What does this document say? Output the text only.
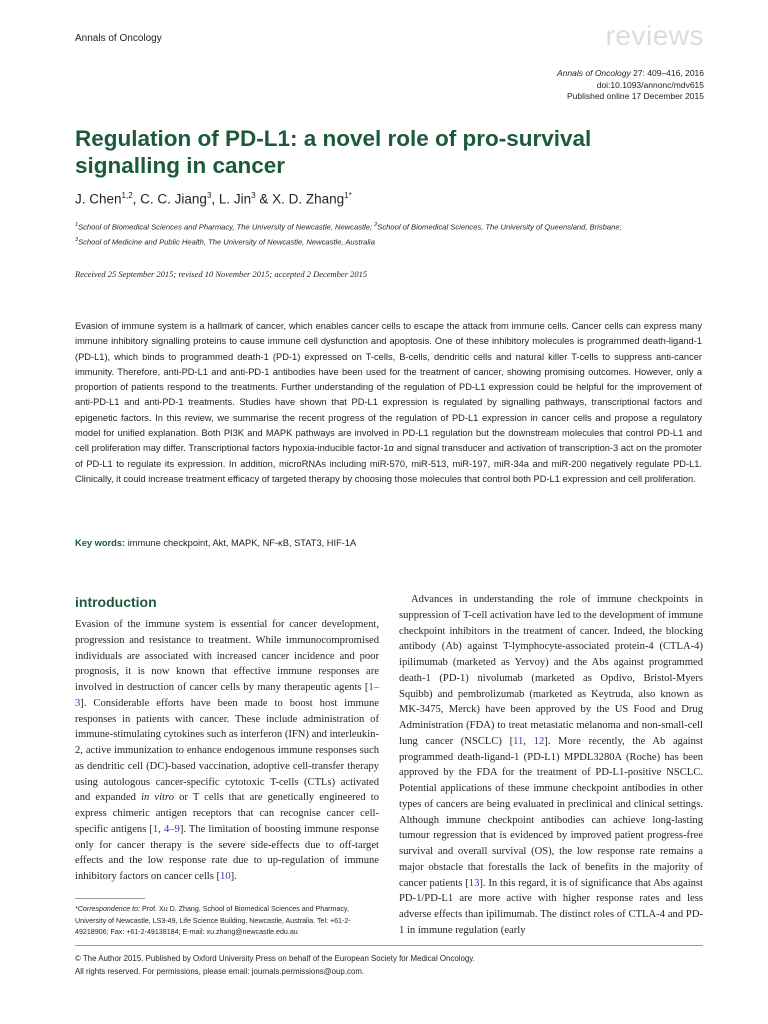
Annals of Oncology	reviews
Annals of Oncology 27: 409–416, 2016
doi:10.1093/annonc/mdv615
Published online 17 December 2015
Regulation of PD-L1: a novel role of pro-survival signalling in cancer

J. Chen$^{1,2}$, C. C. Jiang$^3$, L. Jin$^3$ & X. D. Zhang$^{1*}$

$^1$School of Biomedical Sciences and Pharmacy, The University of Newcastle, Newcastle; $^2$School of Biomedical Sciences, The University of Queensland, Brisbane;
$^3$School of Medicine and Public Health, The University of Newcastle, Newcastle, Australia
Received 25 September 2015; revised 10 November 2015; accepted 2 December 2015

Evasion of immune system is a hallmark of cancer, which enables cancer cells to escape the attack from immune cells. Cancer cells can express many immune inhibitory signalling proteins to cause immune cell dysfunction and apoptosis. One of these inhibitory molecules is programmed death-ligand-1 (PD-L1), which binds to programmed death-1 (PD-1) expressed on T-cells, B-cells, dendritic cells and natural killer T-cells to suppress anti-cancer immunity. Therefore, anti-PD-L1 and anti-PD-1 antibodies have been used for the treatment of cancer, showing promising outcomes. However, only a proportion of patients respond to the treatments. Further understanding of the regulation of PD-L1 expression could be helpful for the improvement of anti-PD-L1 and anti-PD-1 treatments. Studies have shown that PD-L1 expression is regulated by signalling pathways, transcriptional factors and epigenetic factors. In this review, we summarise the recent progress of the regulation of PD-L1 expression in cancer cells and propose a regulatory model for unified explanation. Both PI3K and MAPK pathways are involved in PD-L1 regulation but the downstream molecules that control PD-L1 and cell proliferation may differ. Transcriptional factors hypoxia-inducible factor-1α and signal transducer and activation of transcription-3 act on the promoter of PD-L1 to regulate its expression. In addition, microRNAs including miR-570, miR-513, miR-197, miR-34a and miR-200 negatively regulate PD-L1. Clinically, it could increase treatment efficacy of targeted therapy by choosing those molecules that control both PD-L1 expression and cell proliferation.

Key words: immune checkpoint, Akt, MAPK, NF-κB, STAT3, HIF-1A
introduction

Evasion of the immune system is essential for cancer development, progression and resistance to treatment. While immunocompromised individuals are associated with increased cancer incidence and poor prognosis, it is now known that effective immune responses are involved in destruction of cancer cells by many therapeutic agents [1–3]. Considerable efforts have been made to boost host immune responses in patients with cancer. These include administration of immune-stimulating cytokines such as interferon (IFN) and interleukin-2, active immunization to enhance endogenous immune responses such as dendritic cell (DC)-based vaccination, adoptive cell-transfer therapy using autologous cancer-specific cytotoxic T-cells (CTLs) activated and expanded in vitro or T cells that are genetically engineered to express chimeric antigen receptors that can recognise cancer cell-specific antigens [1, 4–9]. The limitation of boosting immune response only for cancer therapy is the severe side-effects due to off-target effects and the low response rate due to up-regulation of immune inhibitory factors on cancer cells [10].

Advances in understanding the role of immune checkpoints in suppression of T-cell activation have led to the development of immune checkpoint inhibitors in the treatment of cancer. Indeed, the blocking antibody (Ab) against T-lymphocyte-associated protein-4 (CTLA-4) ipilimumab (marketed as Yervoy) and the Abs against programmed death-1 (PD-1) nivolumab (marketed as Opdivo, Bristol-Myers Squibb) and pembrolizumab (marketed as Keytruda, also known as MK-3475, Merck) have been approved by the US Food and Drug Administration (FDA) to treat metastatic melanoma and non-small-cell lung cancer (NSCLC) [11, 12]. More recently, the Ab against programmed death-ligand-1 (PD-L1) MPDL3280A (Roche) has been approved by the FDA for the treatment of PD-L1-positive NSCLC. Potential applications of these immune checkpoint antibodies in other types of cancers are being evaluated in preclinical and clinical settings. Although immune checkpoint antibodies can achieve long-lasting tumour regression that is evidenced by improved patient progress-free survival and overall survival (OS), the low response rate remains a major obstacle that forestalls the lack of benefits in the majority of cancer patients [13]. In this regard, it is of significance that Abs against PD-1/PD-L1 are more active with higher response rates and less adverse effects than ipilimumab. The distinct roles of CTLA-4 and PD-1 in immune regulation (early

*Correspondence to: Prof. Xu D. Zhang, School of Biomedical Sciences and Pharmacy, University of Newcastle, LS3-49, Life Science Building, Newcastle, Australia. Tel: +61-2-49218906; Fax: +61-2-49138184; E-mail: xu.zhang@newcastle.edu.au
© The Author 2015. Published by Oxford University Press on behalf of the European Society for Medical Oncology.
All rights reserved. For permissions, please email: journals.permissions@oup.com.
